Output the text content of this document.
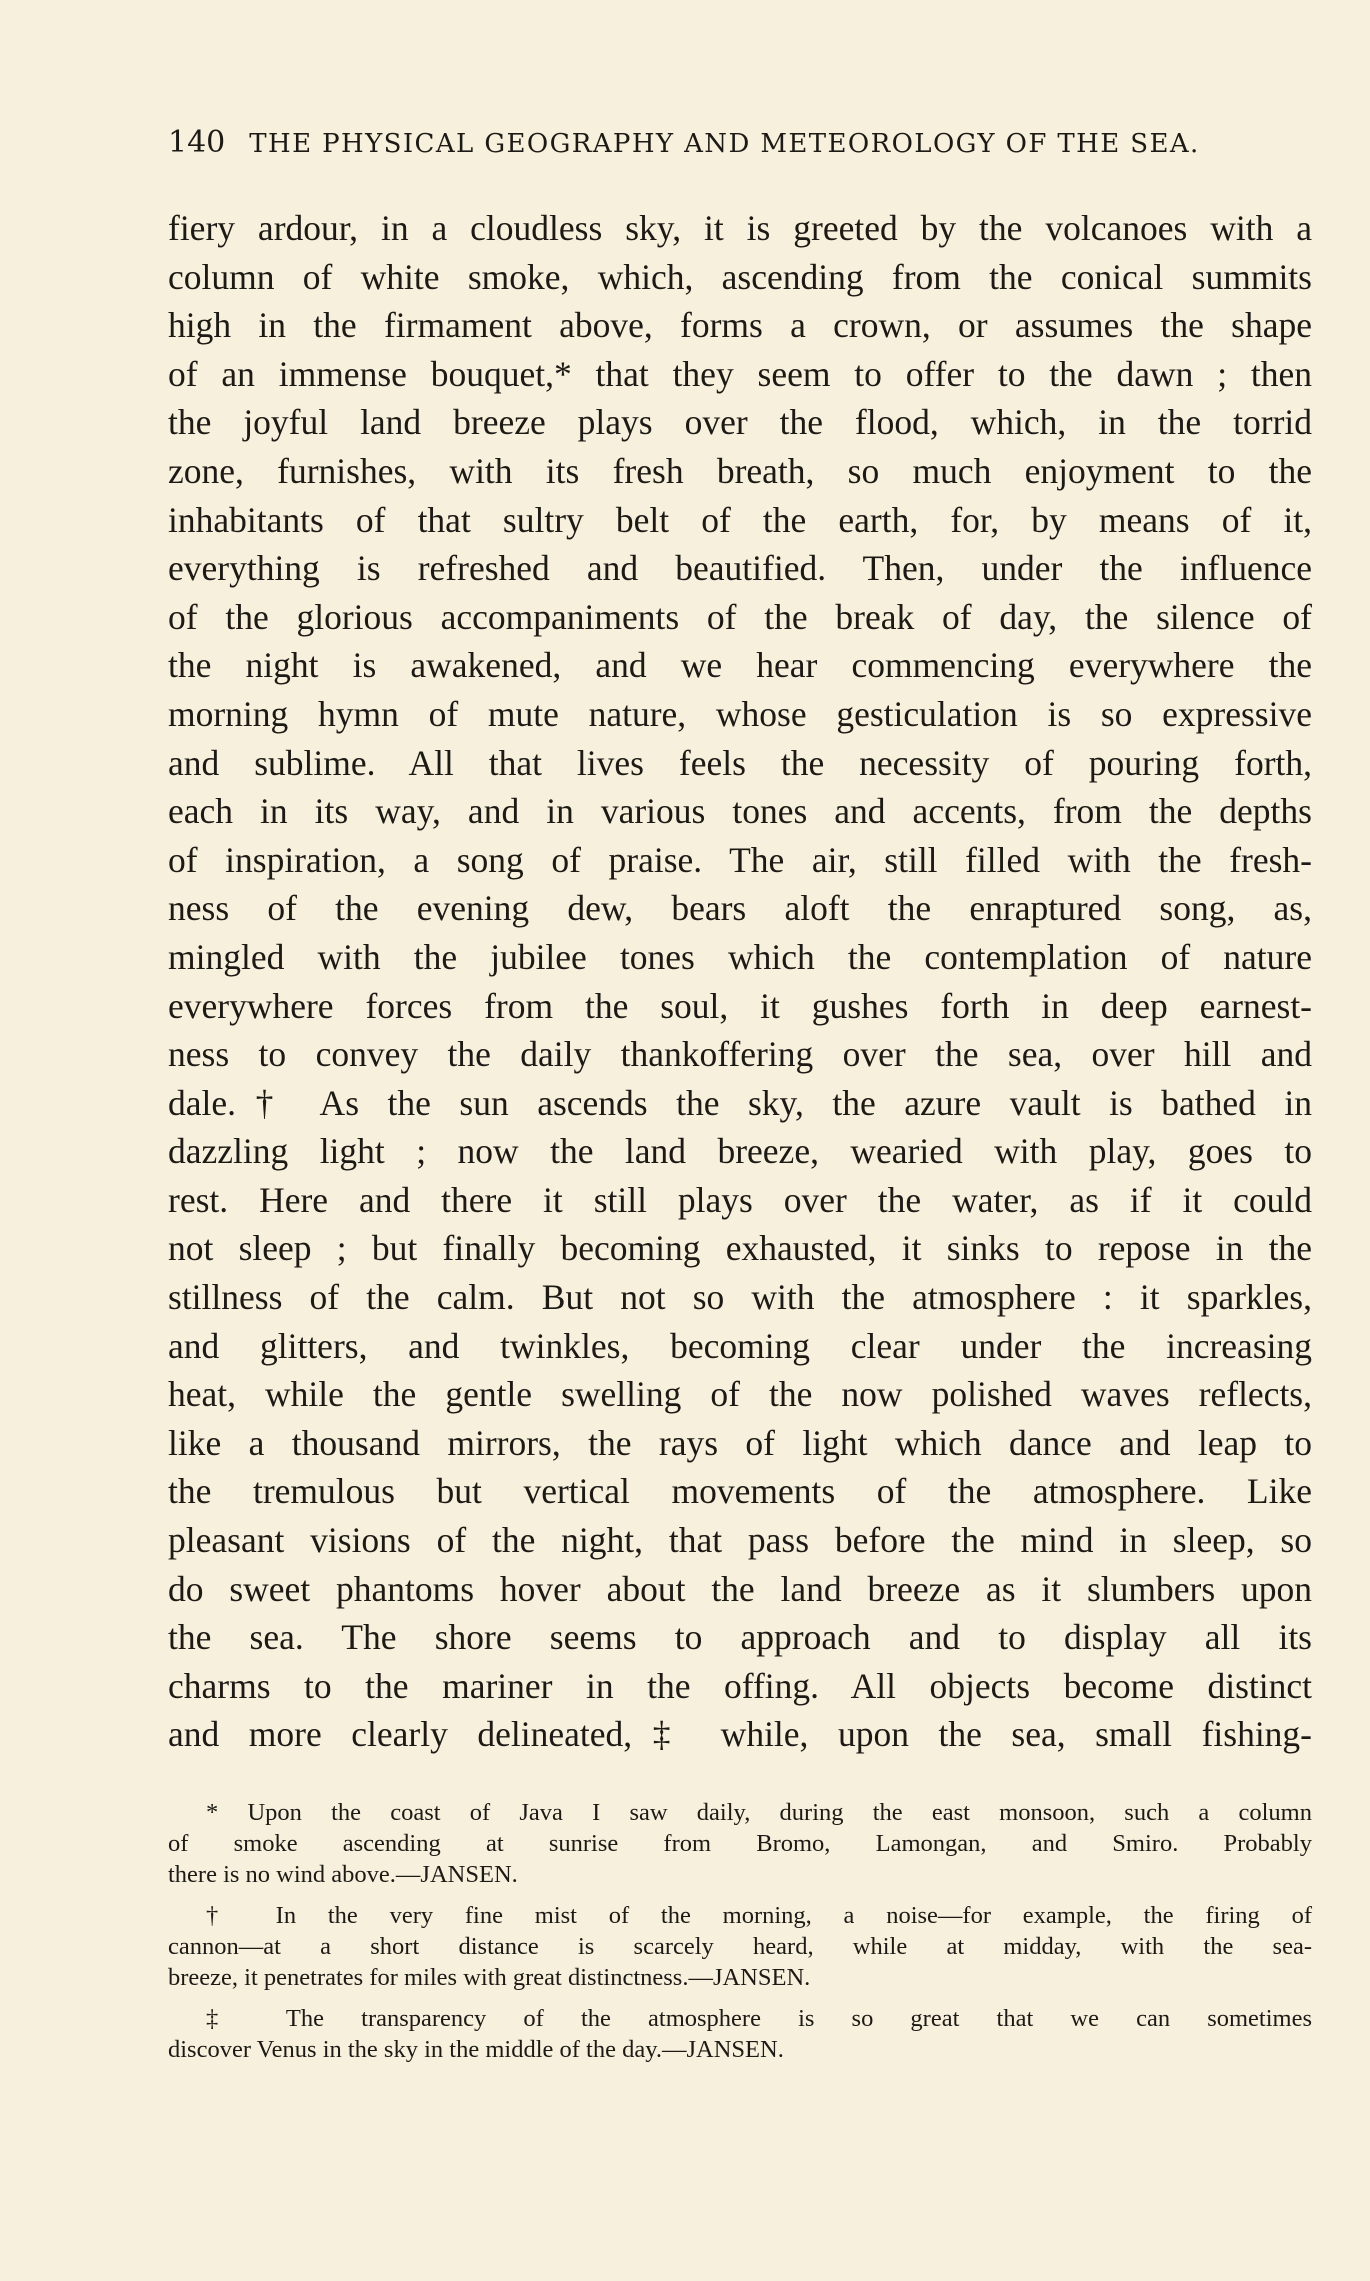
140 THE PHYSICAL GEOGRAPHY AND METEOROLOGY OF THE SEA.
fiery ardour, in a cloudless sky, it is greeted by the volcanoes with a
column of white smoke, which, ascending from the conical summits
high in the firmament above, forms a crown, or assumes the shape
of an immense bouquet,* that they seem to offer to the dawn ; then
the joyful land breeze plays over the flood, which, in the torrid
zone, furnishes, with its fresh breath, so much enjoyment to the
inhabitants of that sultry belt of the earth, for, by means of it,
everything is refreshed and beautified. Then, under the influence
of the glorious accompaniments of the break of day, the silence of
the night is awakened, and we hear commencing everywhere the
morning hymn of mute nature, whose gesticulation is so expressive
and sublime. All that lives feels the necessity of pouring forth,
each in its way, and in various tones and accents, from the depths
of inspiration, a song of praise. The air, still filled with the fresh-
ness of the evening dew, bears aloft the enraptured song, as,
mingled with the jubilee tones which the contemplation of nature
everywhere forces from the soul, it gushes forth in deep earnest-
ness to convey the daily thankoffering over the sea, over hill and
dale.† As the sun ascends the sky, the azure vault is bathed in
dazzling light ; now the land breeze, wearied with play, goes to
rest. Here and there it still plays over the water, as if it could
not sleep ; but finally becoming exhausted, it sinks to repose in the
stillness of the calm. But not so with the atmosphere : it sparkles,
and glitters, and twinkles, becoming clear under the increasing
heat, while the gentle swelling of the now polished waves reflects,
like a thousand mirrors, the rays of light which dance and leap to
the tremulous but vertical movements of the atmosphere. Like
pleasant visions of the night, that pass before the mind in sleep, so
do sweet phantoms hover about the land breeze as it slumbers upon
the sea. The shore seems to approach and to display all its
charms to the mariner in the offing. All objects become distinct
and more clearly delineated,‡ while, upon the sea, small fishing-
* Upon the coast of Java I saw daily, during the east monsoon, such a column
of smoke ascending at sunrise from Bromo, Lamongan, and Smiro. Probably
there is no wind above.—JANSEN.
† In the very fine mist of the morning, a noise—for example, the firing of
cannon—at a short distance is scarcely heard, while at midday, with the sea-
breeze, it penetrates for miles with great distinctness.—JANSEN.
‡ The transparency of the atmosphere is so great that we can sometimes
discover Venus in the sky in the middle of the day.—JANSEN.
